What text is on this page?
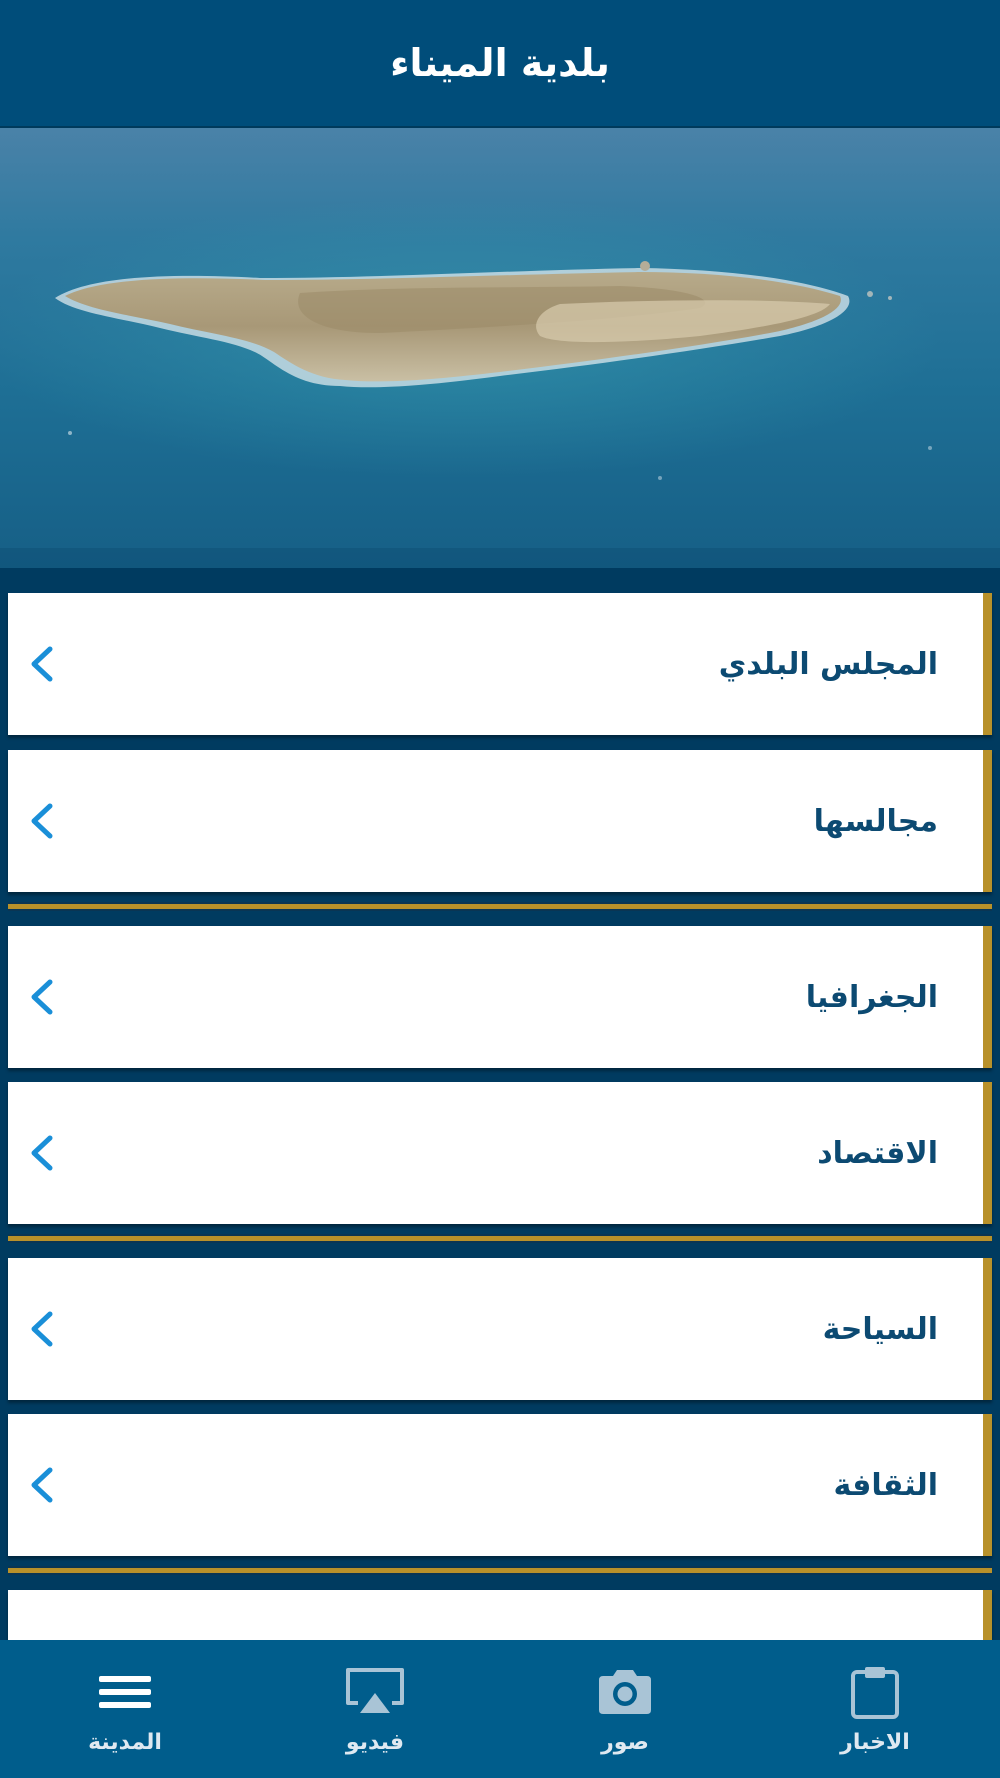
بلدية الميناء
المجلس البلدي
مجالسها
الجغرافيا
الاقتصاد
السياحة
الثقافة
المدينة	فيديو	صور	الاخبار
